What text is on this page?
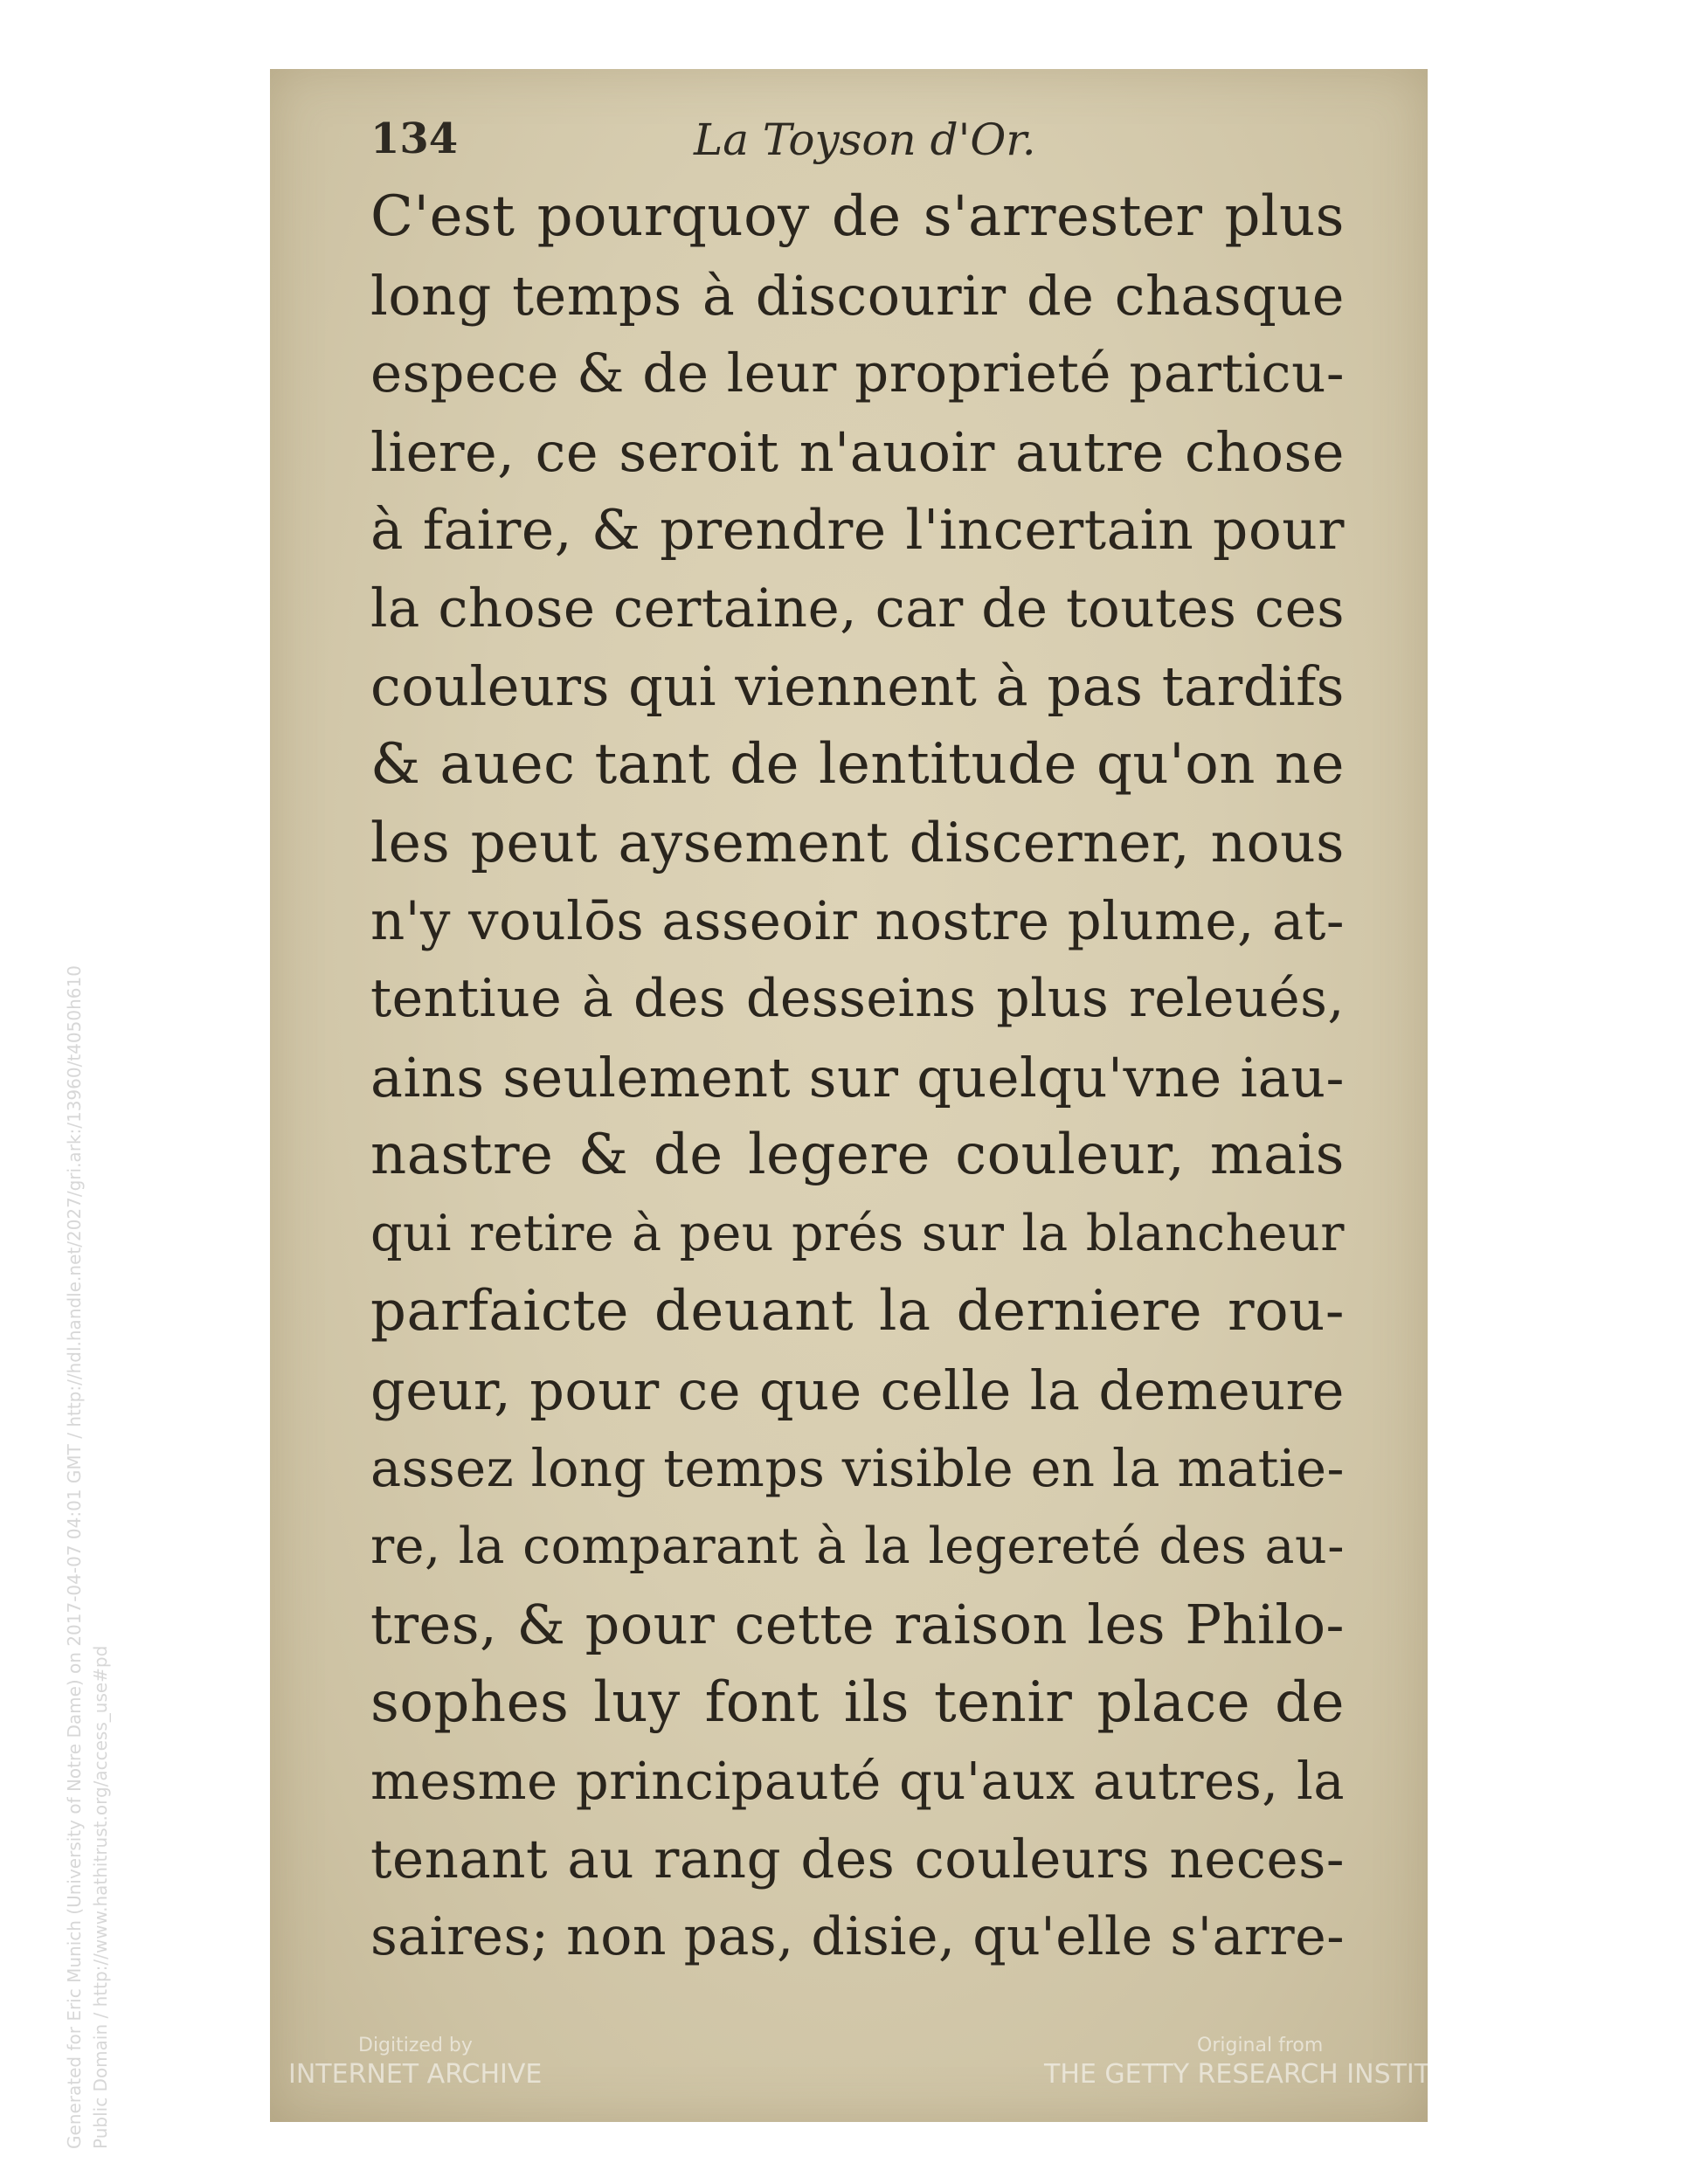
134	La Toyson d'Or.
C'est pourquoy de s'arrester plus
long temps à discourir de chasque
espece & de leur proprieté particu-
liere, ce seroit n'auoir autre chose
à faire, & prendre l'incertain pour
la chose certaine, car de toutes ces
couleurs qui viennent à pas tardifs
& auec tant de lentitude qu'on ne
les peut aysement discerner, nous
n'y voulōs asseoir nostre plume, at-
tentiue à des desseins plus releués,
ains seulement sur quelqu'vne iau-
nastre & de legere couleur, mais
qui retire à peu prés sur la blancheur
parfaicte deuant la derniere rou-
geur, pour ce que celle la demeure
assez long temps visible en la matie-
re, la comparant à la legereté des au-
tres, & pour cette raison les Philo-
sophes luy font ils tenir place de
mesme principauté qu'aux autres, la
tenant au rang des couleurs neces-
saires; non pas, disie, qu'elle s'arre-
Digitized by
INTERNET ARCHIVE
Original from
THE GETTY RESEARCH INSTITUTE
Generated for Eric Munich (University of Notre Dame) on 2017-04-07 04:01 GMT / http://hdl.handle.net/2027/gri.ark:/13960/t4050h610 Public Domain / http://www.hathitrust.org/access_use#pd
